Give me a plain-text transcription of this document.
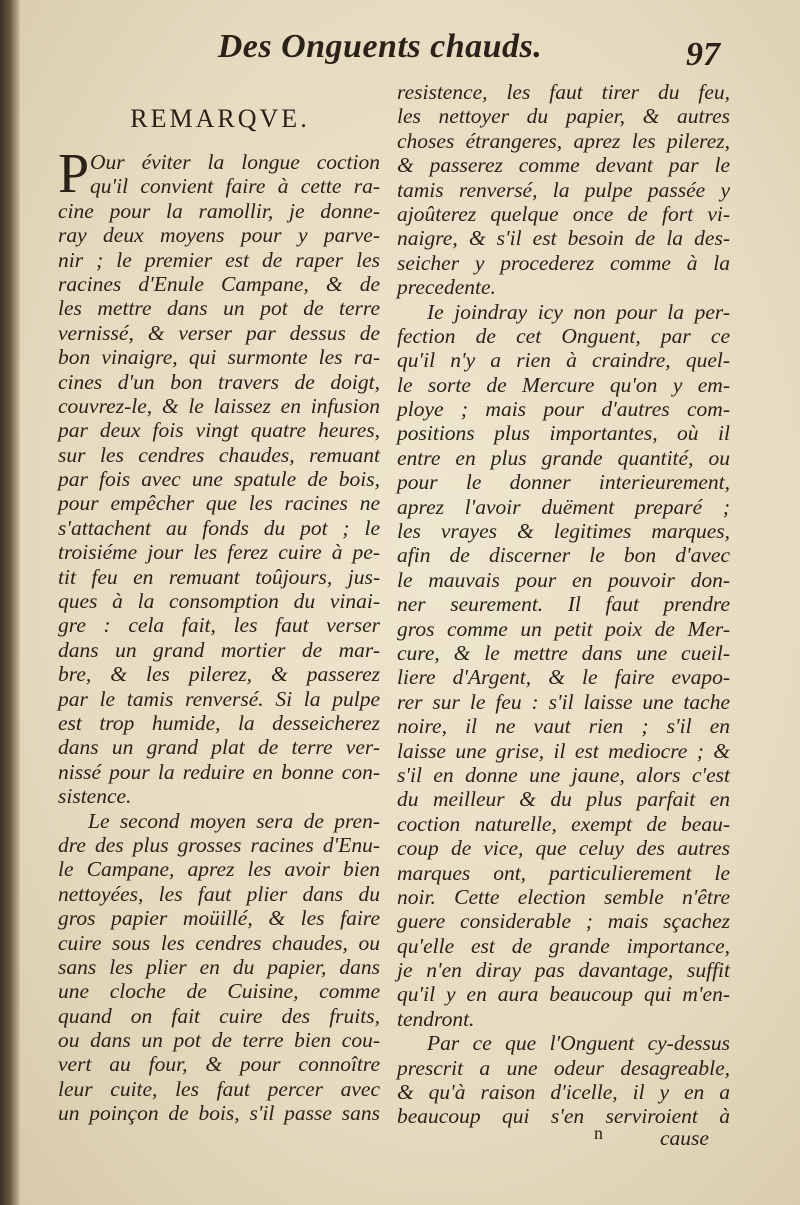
Des Onguents chauds.	97
REMARQVE.
P Our éviter la longue coction
qu'il convient faire à cette ra-
cine pour la ramollir, je donne-
ray deux moyens pour y parve-
nir ; le premier est de raper les
racines d'Enule Campane, & de
les mettre dans un pot de terre
vernissé, & verser par dessus de
bon vinaigre, qui surmonte les ra-
cines d'un bon travers de doigt,
couvrez-le, & le laissez en infusion
par deux fois vingt quatre heures,
sur les cendres chaudes, remuant
par fois avec une spatule de bois,
pour empêcher que les racines ne
s'attachent au fonds du pot ; le
troisiéme jour les ferez cuire à pe-
tit feu en remuant toûjours, jus-
ques à la consomption du vinai-
gre : cela fait, les faut verser
dans un grand mortier de mar-
bre, & les pilerez, & passerez
par le tamis renversé. Si la pulpe
est trop humide, la desseicherez
dans un grand plat de terre ver-
nissé pour la reduire en bonne con-
sistence.
Le second moyen sera de pren-
dre des plus grosses racines d'Enu-
le Campane, aprez les avoir bien
nettoyées, les faut plier dans du
gros papier moüillé, & les faire
cuire sous les cendres chaudes, ou
sans les plier en du papier, dans
une cloche de Cuisine, comme
quand on fait cuire des fruits,
ou dans un pot de terre bien cou-
vert au four, & pour connoître
leur cuite, les faut percer avec
un poinçon de bois, s'il passe sans
resistence, les faut tirer du feu,
les nettoyer du papier, & autres
choses étrangeres, aprez les pilerez,
& passerez comme devant par le
tamis renversé, la pulpe passée y
ajoûterez quelque once de fort vi-
naigre, & s'il est besoin de la des-
seicher y procederez comme à la
precedente.
Ie joindray icy non pour la per-
fection de cet Onguent, par ce
qu'il n'y a rien à craindre, quel-
le sorte de Mercure qu'on y em-
ploye ; mais pour d'autres com-
positions plus importantes, où il
entre en plus grande quantité, ou
pour le donner interieurement,
aprez l'avoir duëment preparé ;
les vrayes & legitimes marques,
afin de discerner le bon d'avec
le mauvais pour en pouvoir don-
ner seurement. Il faut prendre
gros comme un petit poix de Mer-
cure, & le mettre dans une cueil-
liere d'Argent, & le faire evapo-
rer sur le feu : s'il laisse une tache
noire, il ne vaut rien ; s'il en
laisse une grise, il est mediocre ; &
s'il en donne une jaune, alors c'est
du meilleur & du plus parfait en
coction naturelle, exempt de beau-
coup de vice, que celuy des autres
marques ont, particulierement le
noir. Cette election semble n'être
guere considerable ; mais sçachez
qu'elle est de grande importance,
je n'en diray pas davantage, suffit
qu'il y en aura beaucoup qui m'en-
tendront.
Par ce que l'Onguent cy-dessus
prescrit a une odeur desagreable,
& qu'à raison d'icelle, il y en a
beaucoup qui s'en serviroient à
n	cause
